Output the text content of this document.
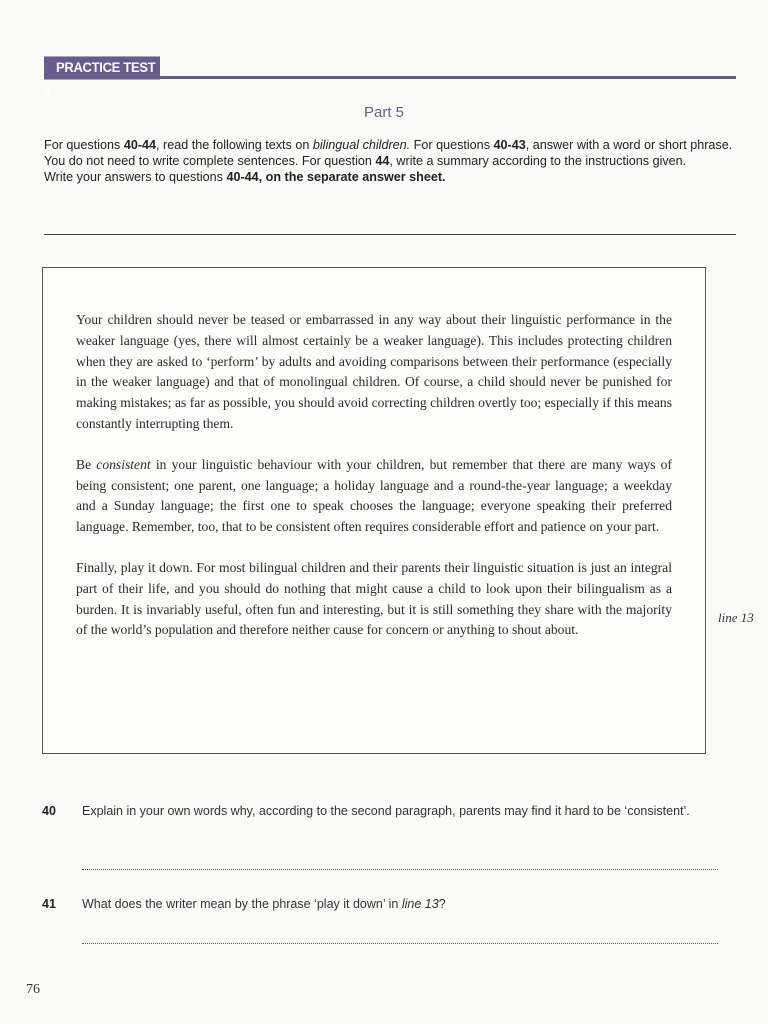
PRACTICE TEST 3
Part 5

For questions 40-44, read the following texts on bilingual children. For questions 40-43, answer with a word or short phrase. You do not need to write complete sentences. For question 44, write a summary according to the instructions given.

Write your answers to questions 40-44, on the separate answer sheet.

Your children should never be teased or embarrassed in any way about their linguistic performance in the weaker language (yes, there will almost certainly be a weaker language). This includes protecting children when they are asked to ‘perform’ by adults and avoiding comparisons between their performance (especially in the weaker language) and that of monolingual children. Of course, a child should never be punished for making mistakes; as far as possible, you should avoid correcting children overtly too; especially if this means constantly interrupting them.

Be consistent in your linguistic behaviour with your children, but remember that there are many ways of being consistent; one parent, one language; a holiday language and a round-the-year language; a weekday and a Sunday language; the first one to speak chooses the language; everyone speaking their preferred language. Remember, too, that to be consistent often requires considerable effort and patience on your part.

Finally, play it down. For most bilingual children and their parents their linguistic situation is just an integral part of their life, and you should do nothing that might cause a child to look upon their bilingualism as a burden. It is invariably useful, often fun and interesting, but it is still something they share with the majority of the world’s population and therefore neither cause for concern or anything to shout about.

line 13
40 Explain in your own words why, according to the second paragraph, parents may find it hard to be ‘consistent’.
41 What does the writer mean by the phrase ‘play it down’ in line 13?
76
